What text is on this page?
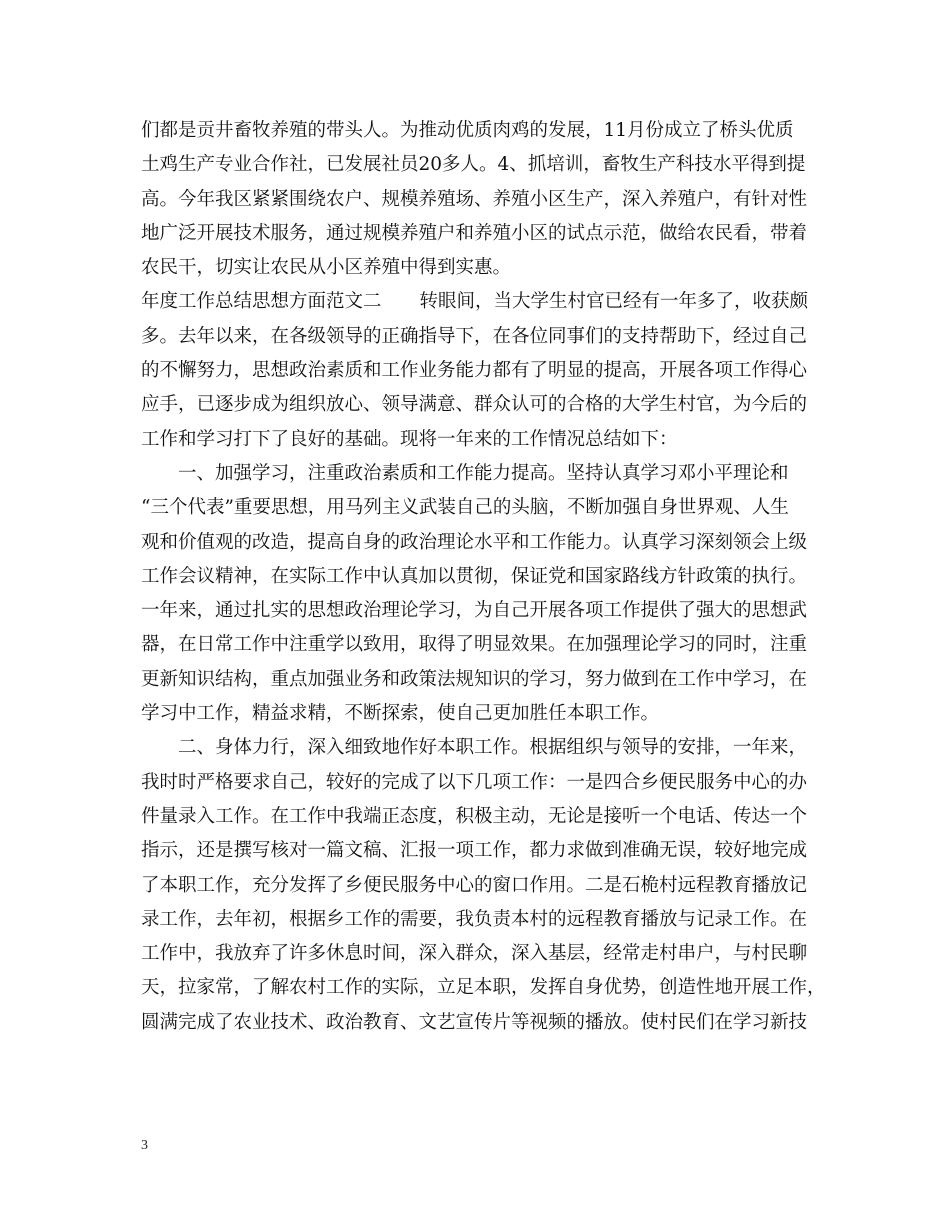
们都是贡井畜牧养殖的带头人。为推动优质肉鸡的发展，11月份成立了桥头优质
土鸡生产专业合作社，已发展社员20多人。4、抓培训，畜牧生产科技水平得到提
高。今年我区紧紧围绕农户、规模养殖场、养殖小区生产，深入养殖户，有针对性
地广泛开展技术服务，通过规模养殖户和养殖小区的试点示范，做给农民看，带着
农民干，切实让农民从小区养殖中得到实惠。
年度工作总结思想方面范文二 转眼间，当大学生村官已经有一年多了，收获颇
多。去年以来，在各级领导的正确指导下，在各位同事们的支持帮助下，经过自己
的不懈努力，思想政治素质和工作业务能力都有了明显的提高，开展各项工作得心
应手，已逐步成为组织放心、领导满意、群众认可的合格的大学生村官，为今后的
工作和学习打下了良好的基础。现将一年来的工作情况总结如下：
一、加强学习，注重政治素质和工作能力提高。坚持认真学习邓小平理论和
“三个代表”重要思想，用马列主义武装自己的头脑，不断加强自身世界观、人生
观和价值观的改造，提高自身的政治理论水平和工作能力。认真学习深刻领会上级
工作会议精神，在实际工作中认真加以贯彻，保证党和国家路线方针政策的执行。
一年来，通过扎实的思想政治理论学习，为自己开展各项工作提供了强大的思想武
器，在日常工作中注重学以致用，取得了明显效果。在加强理论学习的同时，注重
更新知识结构，重点加强业务和政策法规知识的学习，努力做到在工作中学习，在
学习中工作，精益求精，不断探索，使自己更加胜任本职工作。
二、身体力行，深入细致地作好本职工作。根据组织与领导的安排，一年来，
我时时严格要求自己，较好的完成了以下几项工作：一是四合乡便民服务中心的办
件量录入工作。在工作中我端正态度，积极主动，无论是接听一个电话、传达一个
指示，还是撰写核对一篇文稿、汇报一项工作，都力求做到准确无误，较好地完成
了本职工作，充分发挥了乡便民服务中心的窗口作用。二是石桅村远程教育播放记
录工作，去年初，根据乡工作的需要，我负责本村的远程教育播放与记录工作。在
工作中，我放弃了许多休息时间，深入群众，深入基层，经常走村串户，与村民聊
天，拉家常，了解农村工作的实际，立足本职，发挥自身优势，创造性地开展工作，
圆满完成了农业技术、政治教育、文艺宣传片等视频的播放。使村民们在学习新技
3
